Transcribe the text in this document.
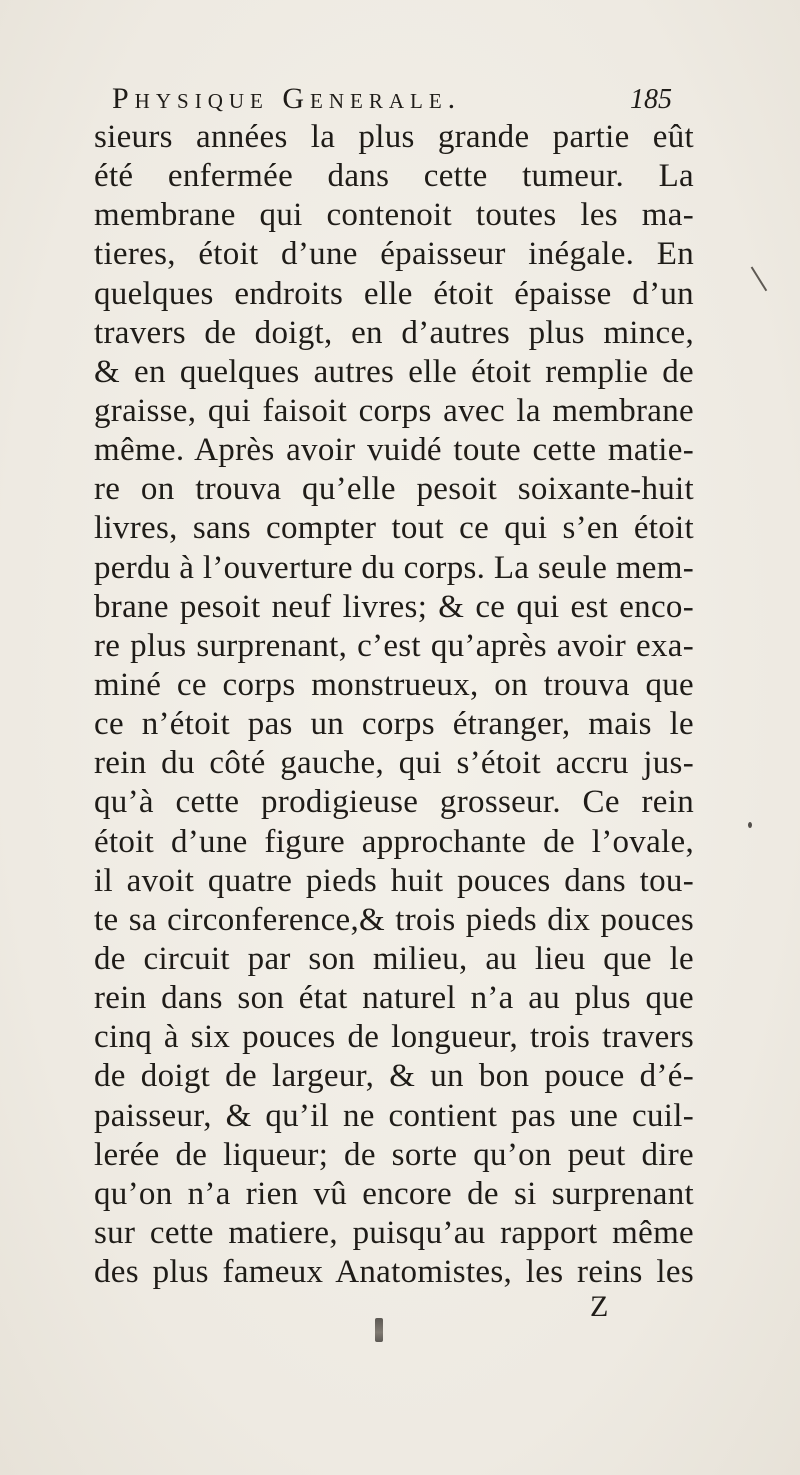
Physique Generale.	185
sieurs années la plus grande partie eût
été enfermée dans cette tumeur. La
membrane qui contenoit toutes les ma-
tieres, étoit d’une épaisseur inégale. En
quelques endroits elle étoit épaisse d’un
travers de doigt, en d’autres plus mince,
& en quelques autres elle étoit remplie de
graisse, qui faisoit corps avec la membrane
même. Après avoir vuidé toute cette matie-
re on trouva qu’elle pesoit soixante-huit
livres, sans compter tout ce qui s’en étoit
perdu à l’ouverture du corps. La seule mem-
brane pesoit neuf livres; & ce qui est enco-
re plus surprenant, c’est qu’après avoir exa-
miné ce corps monstrueux, on trouva que
ce n’étoit pas un corps étranger, mais le
rein du côté gauche, qui s’étoit accru jus-
qu’à cette prodigieuse grosseur. Ce rein
étoit d’une figure approchante de l’ovale,
il avoit quatre pieds huit pouces dans tou-
te sa circonference,& trois pieds dix pouces
de circuit par son milieu, au lieu que le
rein dans son état naturel n’a au plus que
cinq à six pouces de longueur, trois travers
de doigt de largeur, & un bon pouce d’é-
paisseur, & qu’il ne contient pas une cuil-
lerée de liqueur; de sorte qu’on peut dire
qu’on n’a rien vû encore de si surprenant
sur cette matiere, puisqu’au rapport même
des plus fameux Anatomistes, les reins les
Z
